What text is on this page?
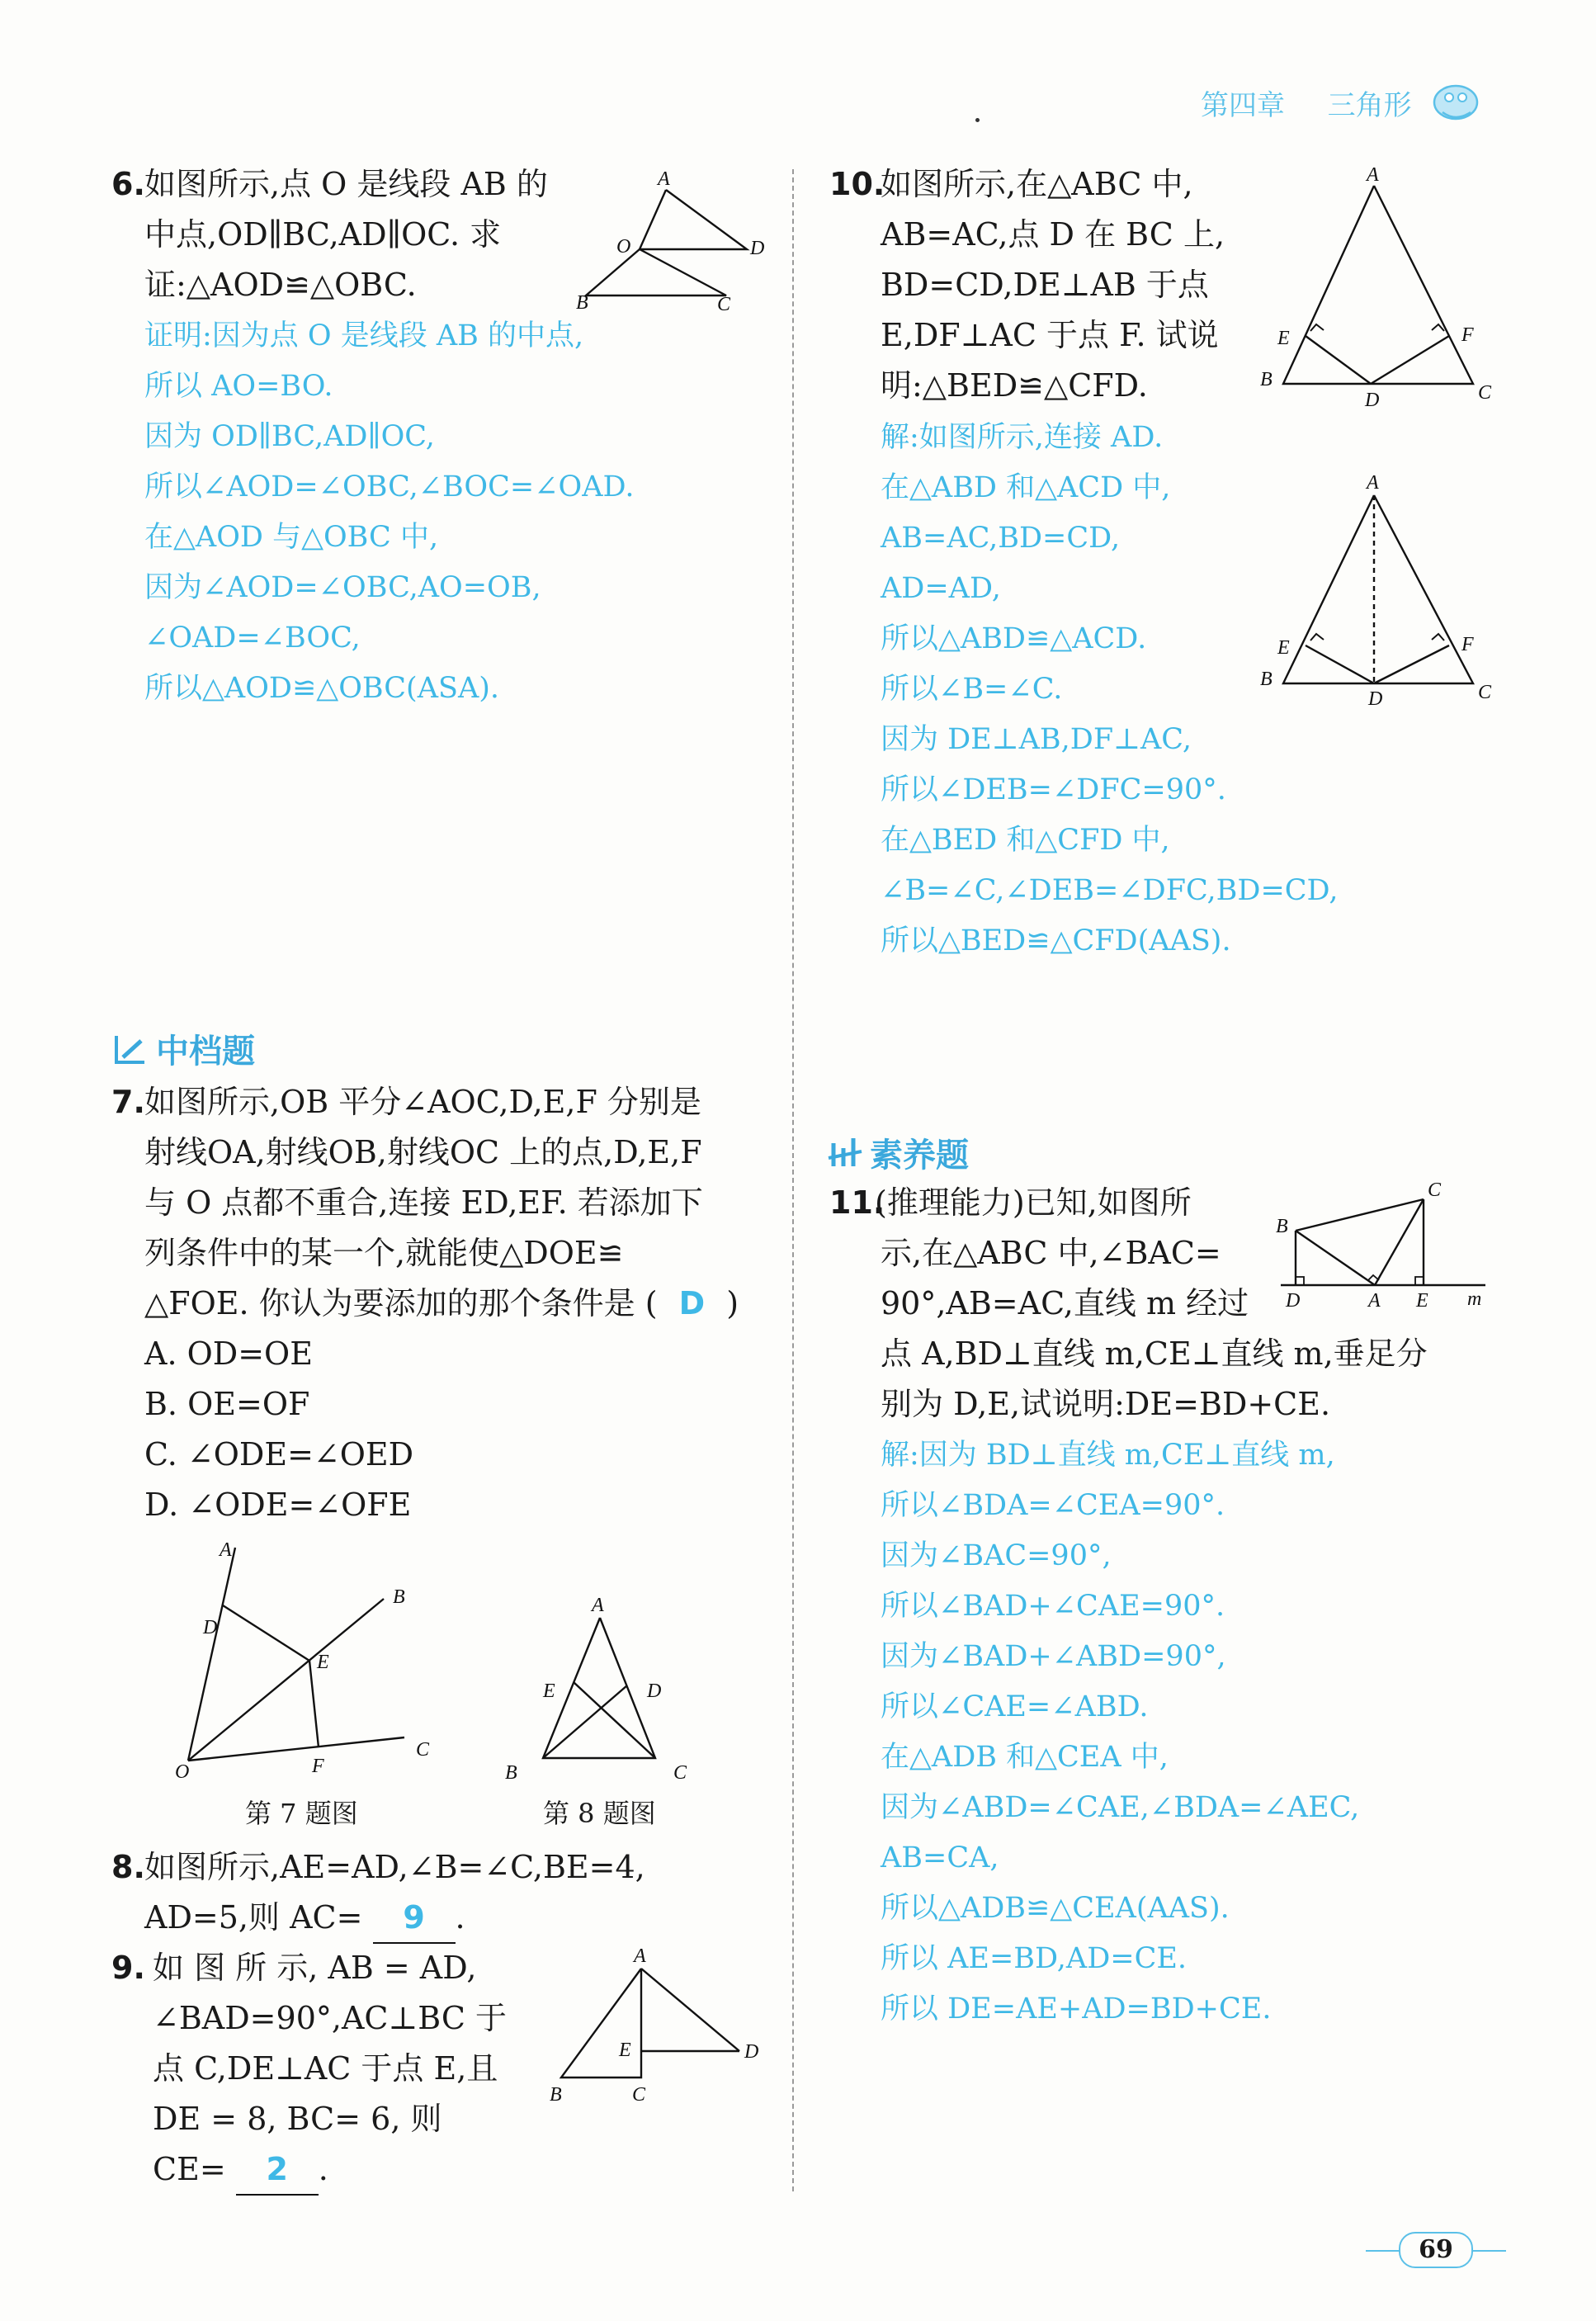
第四章 三角形
6. 如图所示,点 O 是线段 AB 的
中点,OD∥BC,AD∥OC. 求
证:△AOD≌△OBC.
证明:因为点 O 是线段 AB 的中点,
所以 AO=BO.
因为 OD∥BC,AD∥OC,
所以∠AOD=∠OBC,∠BOC=∠OAD.
在△AOD 与△OBC 中,
因为∠AOD=∠OBC,AO=OB,
∠OAD=∠BOC,
所以△AOD≌△OBC(ASA).
A
O	D
B	C
中档题
7. 如图所示,OB 平分∠AOC,D,E,F 分别是
射线OA,射线OB,射线OC 上的点,D,E,F
与 O 点都不重合,连接 ED,EF. 若添加下
列条件中的某一个,就能使△DOE≌
△FOE. 你认为要添加的那个条件是 ( D )
A. OD=OE
B. OE=OF
C. ∠ODE=∠OED
D. ∠ODE=∠OFE
A
B
D
E
O	F
C
第 7 题图
A
E	D
B	C
第 8 题图
8. 如图所示,AE=AD,∠B=∠C,BE=4,
AD=5,则 AC= 9 .
9. 如 图 所 示, AB = AD,
∠BAD=90°,AC⊥BC 于
点 C,DE⊥AC 于点 E,且
DE = 8, BC= 6, 则
CE= 2 .
A
E	D
B	C
10.
如图所示,在△ABC 中,
AB=AC,点 D 在 BC 上,
BD=CD,DE⊥AB 于点
E,DF⊥AC 于点 F. 试说
明:△BED≌△CFD.
解:如图所示,连接 AD.
在△ABD 和△ACD 中,
AB=AC,BD=CD,
AD=AD,
所以△ABD≌△ACD.
所以∠B=∠C.
因为 DE⊥AB,DF⊥AC,
所以∠DEB=∠DFC=90°.
在△BED 和△CFD 中,
∠B=∠C,∠DEB=∠DFC,BD=CD,
所以△BED≌△CFD(AAS).
A
E	F
B
D	C
A
E	F
B
D	C
素养题
11.
(推理能力)已知,如图所
示,在△ABC 中,∠BAC=
90°,AB=AC,直线 m 经过
点 A,BD⊥直线 m,CE⊥直线 m,垂足分
别为 D,E,试说明:DE=BD+CE.
解:因为 BD⊥直线 m,CE⊥直线 m,
所以∠BDA=∠CEA=90°.
因为∠BAC=90°,
所以∠BAD+∠CAE=90°.
因为∠BAD+∠ABD=90°,
所以∠CAE=∠ABD.
在△ADB 和△CEA 中,
因为∠ABD=∠CAE,∠BDA=∠AEC,
AB=CA,
所以△ADB≌△CEA(AAS).
所以 AE=BD,AD=CE.
所以 DE=AE+AD=BD+CE.
C
B
D	A E m
69
